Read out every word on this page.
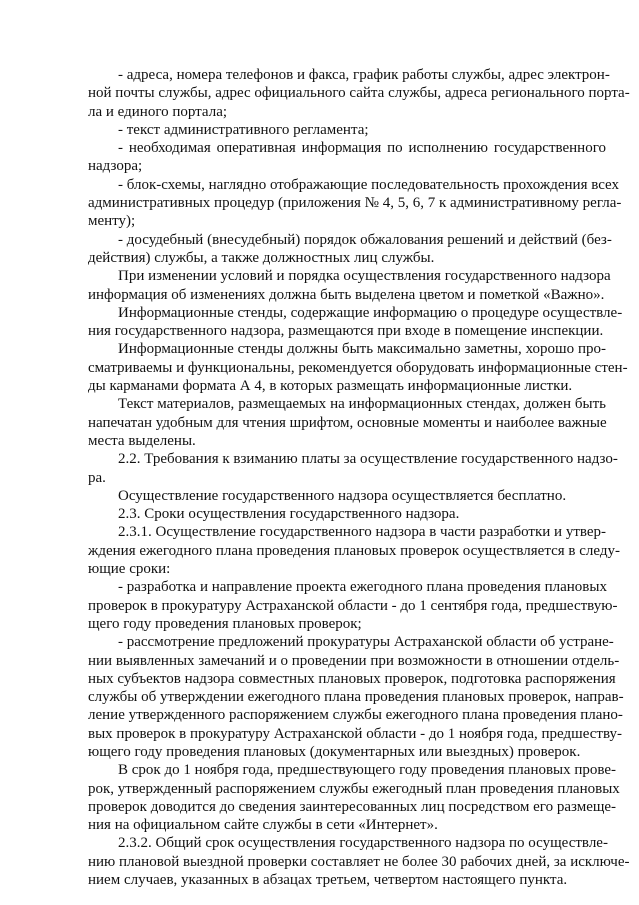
- адреса, номера телефонов и факса, график работы службы, адрес электрон-
ной почты службы, адрес официального сайта службы, адреса регионального порта-
ла и единого портала;
- текст административного регламента;
- необходимая оперативная информация по исполнению государственного
надзора;
- блок-схемы, наглядно отображающие последовательность прохождения всех
административных процедур (приложения № 4, 5, 6, 7 к административному регла-
менту);
- досудебный (внесудебный) порядок обжалования решений и действий (без-
действия) службы, а также должностных лиц службы.
При изменении условий и порядка осуществления государственного надзора
информация об изменениях должна быть выделена цветом и пометкой «Важно».
Информационные стенды, содержащие информацию о процедуре осуществле-
ния государственного надзора, размещаются при входе в помещение инспекции.
Информационные стенды должны быть максимально заметны, хорошо про-
сматриваемы и функциональны, рекомендуется оборудовать информационные стен-
ды карманами формата А 4, в которых размещать информационные листки.
Текст материалов, размещаемых на информационных стендах, должен быть
напечатан удобным для чтения шрифтом, основные моменты и наиболее важные
места выделены.
2.2. Требования к взиманию платы за осуществление государственного надзо-
ра.
Осуществление государственного надзора осуществляется бесплатно.
2.3. Сроки осуществления государственного надзора.
2.3.1. Осуществление государственного надзора в части разработки и утвер-
ждения ежегодного плана проведения плановых проверок осуществляется в следу-
ющие сроки:
- разработка и направление проекта ежегодного плана проведения плановых
проверок в прокуратуру Астраханской области - до 1 сентября года, предшествую-
щего году проведения плановых проверок;
- рассмотрение предложений прокуратуры Астраханской области об устране-
нии выявленных замечаний и о проведении при возможности в отношении отдель-
ных субъектов надзора совместных плановых проверок, подготовка распоряжения
службы об утверждении ежегодного плана проведения плановых проверок, направ-
ление утвержденного распоряжением службы ежегодного плана проведения планo-
вых проверок в прокуратуру Астраханской области - до 1 ноября года, предшеству-
ющего году проведения плановых (документарных или выездных) проверок.
В срок до 1 ноября года, предшествующего году проведения плановых прове-
рок, утвержденный распоряжением службы ежегодный план проведения плановых
проверок доводится до сведения заинтересованных лиц посредством его размеще-
ния на официальном сайте службы в сети «Интернет».
2.3.2. Общий срок осуществления государственного надзора по осуществле-
нию плановой выездной проверки составляет не более 30 рабочих дней, за исключе-
нием случаев, указанных в абзацах третьем, четвертом настоящего пункта.
